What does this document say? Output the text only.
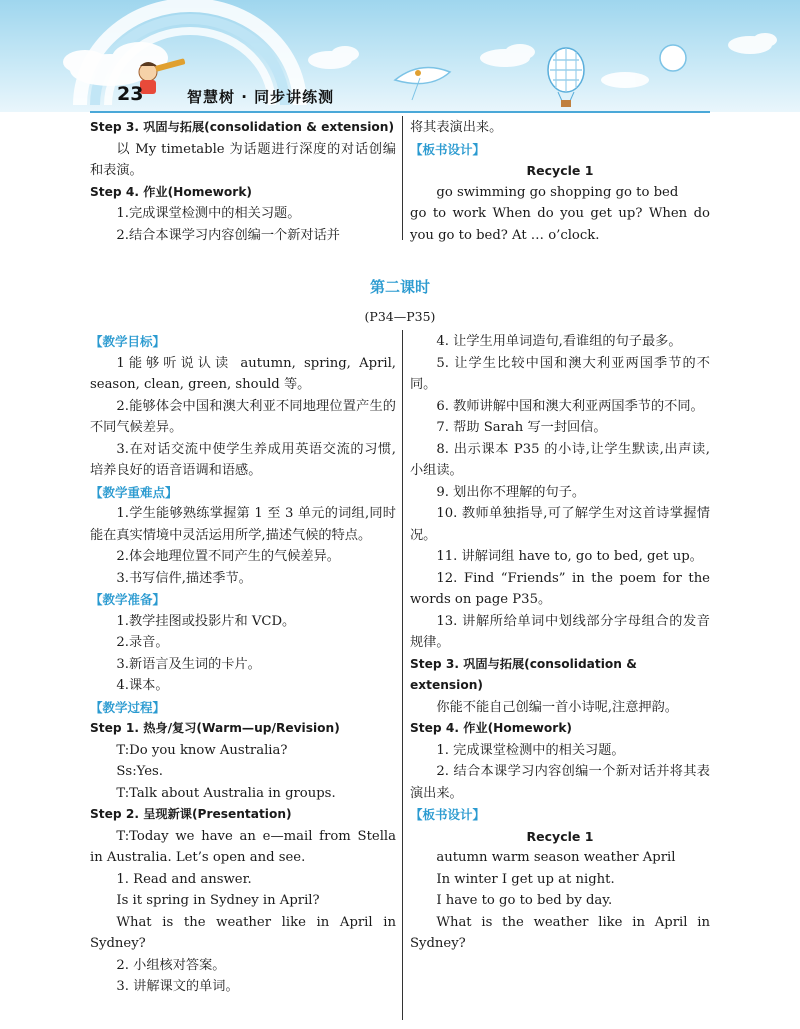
23	智慧树 · 同步讲练测

Step 3. 巩固与拓展(consolidation & extension)

以 My timetable 为话题进行深度的对话创编和表演。

Step 4. 作业(Homework)

1.完成课堂检测中的相关习题。

2.结合本课学习内容创编一个新对话并

将其表演出来。

【板书设计】

Recycle 1

go swimming go shopping go to bed

go to work When do you get up? When do you go to bed? At … o’clock.

第二课时
(P34—P35)

【教学目标】

1能够听说认读 autumn, spring, April, season, clean, green, should 等。

2.能够体会中国和澳大利亚不同地理位置产生的不同气候差异。

3.在对话交流中使学生养成用英语交流的习惯,培养良好的语音语调和语感。

【教学重难点】

1.学生能够熟练掌握第 1 至 3 单元的词组,同时能在真实情境中灵活运用所学,描述气候的特点。

2.体会地理位置不同产生的气候差异。

3.书写信件,描述季节。

【教学准备】

1.教学挂图或投影片和 VCD。

2.录音。

3.新语言及生词的卡片。

4.课本。

【教学过程】

Step 1. 热身/复习(Warm—up/Revision)

T:Do you know Australia?

Ss:Yes.

T:Talk about Australia in groups.

Step 2. 呈现新课(Presentation)

T:Today we have an e—mail from Stella in Australia. Let’s open and see.

1. Read and answer.

Is it spring in Sydney in April?

What is the weather like in April in Sydney?

2. 小组核对答案。

3. 讲解课文的单词。

4. 让学生用单词造句,看谁组的句子最多。

5. 让学生比较中国和澳大利亚两国季节的不同。

6. 教师讲解中国和澳大利亚两国季节的不同。

7. 帮助 Sarah 写一封回信。

8. 出示课本 P35 的小诗,让学生默读,出声读,小组读。

9. 划出你不理解的句子。

10. 教师单独指导,可了解学生对这首诗掌握情况。

11. 讲解词组 have to, go to bed, get up。

12. Find “Friends” in the poem for the words on page P35。

13. 讲解所给单词中划线部分字母组合的发音规律。

Step 3. 巩固与拓展(consolidation & extension)

你能不能自己创编一首小诗呢,注意押韵。

Step 4. 作业(Homework)

1. 完成课堂检测中的相关习题。

2. 结合本课学习内容创编一个新对话并将其表演出来。

【板书设计】

Recycle 1

autumn warm season weather April

In winter I get up at night.

I have to go to bed by day.

What is the weather like in April in Sydney?
